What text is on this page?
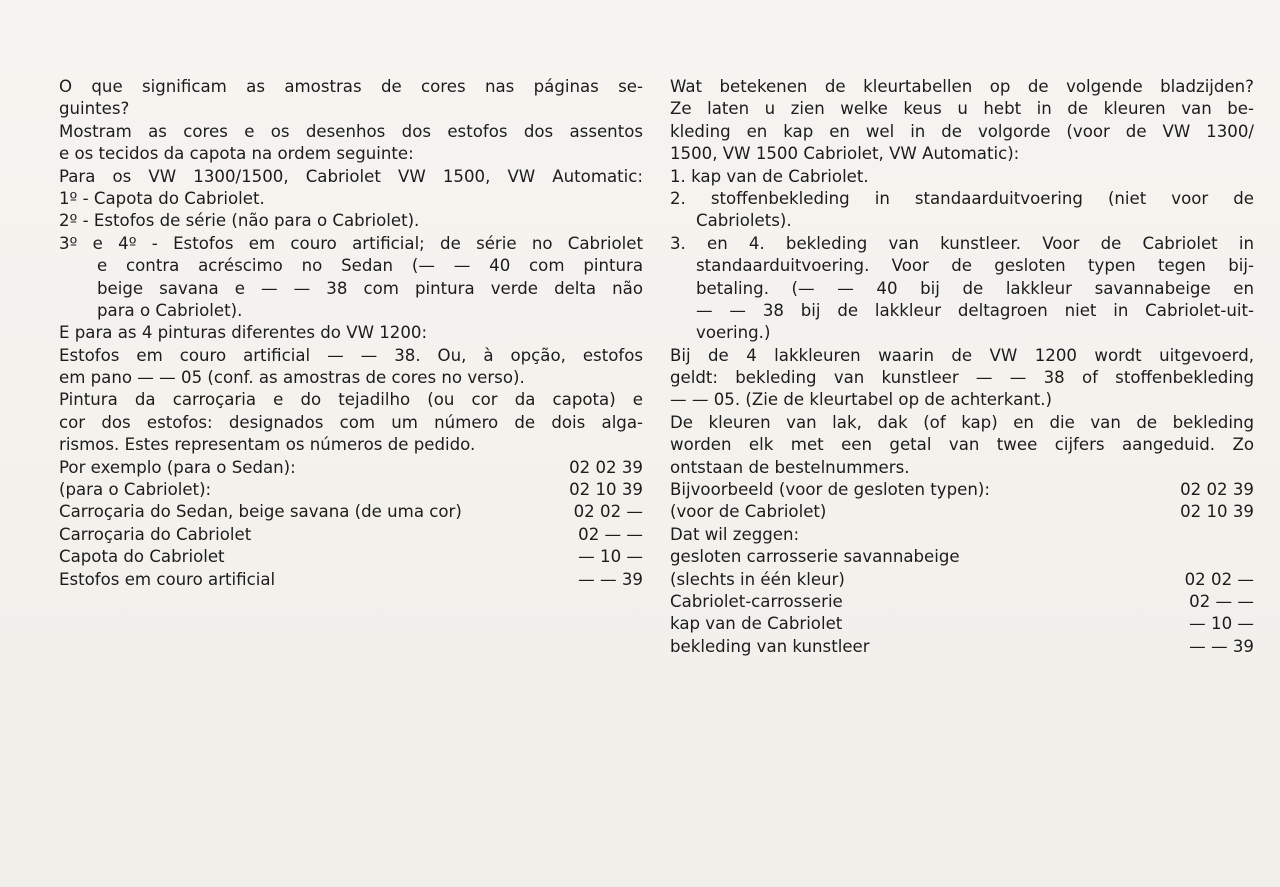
O que significam as amostras de cores nas páginas se-
guintes?
Mostram as cores e os desenhos dos estofos dos assentos
e os tecidos da capota na ordem seguinte:
Para os VW 1300/1500, Cabriolet VW 1500, VW Automatic:
1º - Capota do Cabriolet.
2º - Estofos de série (não para o Cabriolet).
3º e 4º - Estofos em couro artificial; de série no Cabriolet
e contra acréscimo no Sedan (— — 40 com pintura
beige savana e — — 38 com pintura verde delta não
para o Cabriolet).
E para as 4 pinturas diferentes do VW 1200:
Estofos em couro artificial — — 38. Ou, à opção, estofos
em pano — — 05 (conf. as amostras de cores no verso).
Pintura da carroçaria e do tejadilho (ou cor da capota) e
cor dos estofos: designados com um número de dois alga-
rismos. Estes representam os números de pedido.
Por exemplo (para o Sedan):	02 02 39
(para o Cabriolet):	02 10 39
Carroçaria do Sedan, beige savana (de uma cor)	02 02 —
Carroçaria do Cabriolet	02 — —
Capota do Cabriolet	— 10 —
Estofos em couro artificial	— — 39
Wat betekenen de kleurtabellen op de volgende bladzijden?
Ze laten u zien welke keus u hebt in de kleuren van be-
kleding en kap en wel in de volgorde (voor de VW 1300/
1500, VW 1500 Cabriolet, VW Automatic):
1. kap van de Cabriolet.
2. stoffenbekleding in standaarduitvoering (niet voor de
Cabriolets).
3. en 4. bekleding van kunstleer. Voor de Cabriolet in
standaarduitvoering. Voor de gesloten typen tegen bij-
betaling. (— — 40 bij de lakkleur savannabeige en
— — 38 bij de lakkleur deltagroen niet in Cabriolet-uit-
voering.)
Bij de 4 lakkleuren waarin de VW 1200 wordt uitgevoerd,
geldt: bekleding van kunstleer — — 38 of stoffenbekleding
— — 05. (Zie de kleurtabel op de achterkant.)
De kleuren van lak, dak (of kap) en die van de bekleding
worden elk met een getal van twee cijfers aangeduid. Zo
ontstaan de bestelnummers.
Bijvoorbeeld (voor de gesloten typen):	02 02 39
(voor de Cabriolet)	02 10 39
Dat wil zeggen:
gesloten carrosserie savannabeige
(slechts in één kleur)	02 02 —
Cabriolet-carrosserie	02 — —
kap van de Cabriolet	— 10 —
bekleding van kunstleer	— — 39
